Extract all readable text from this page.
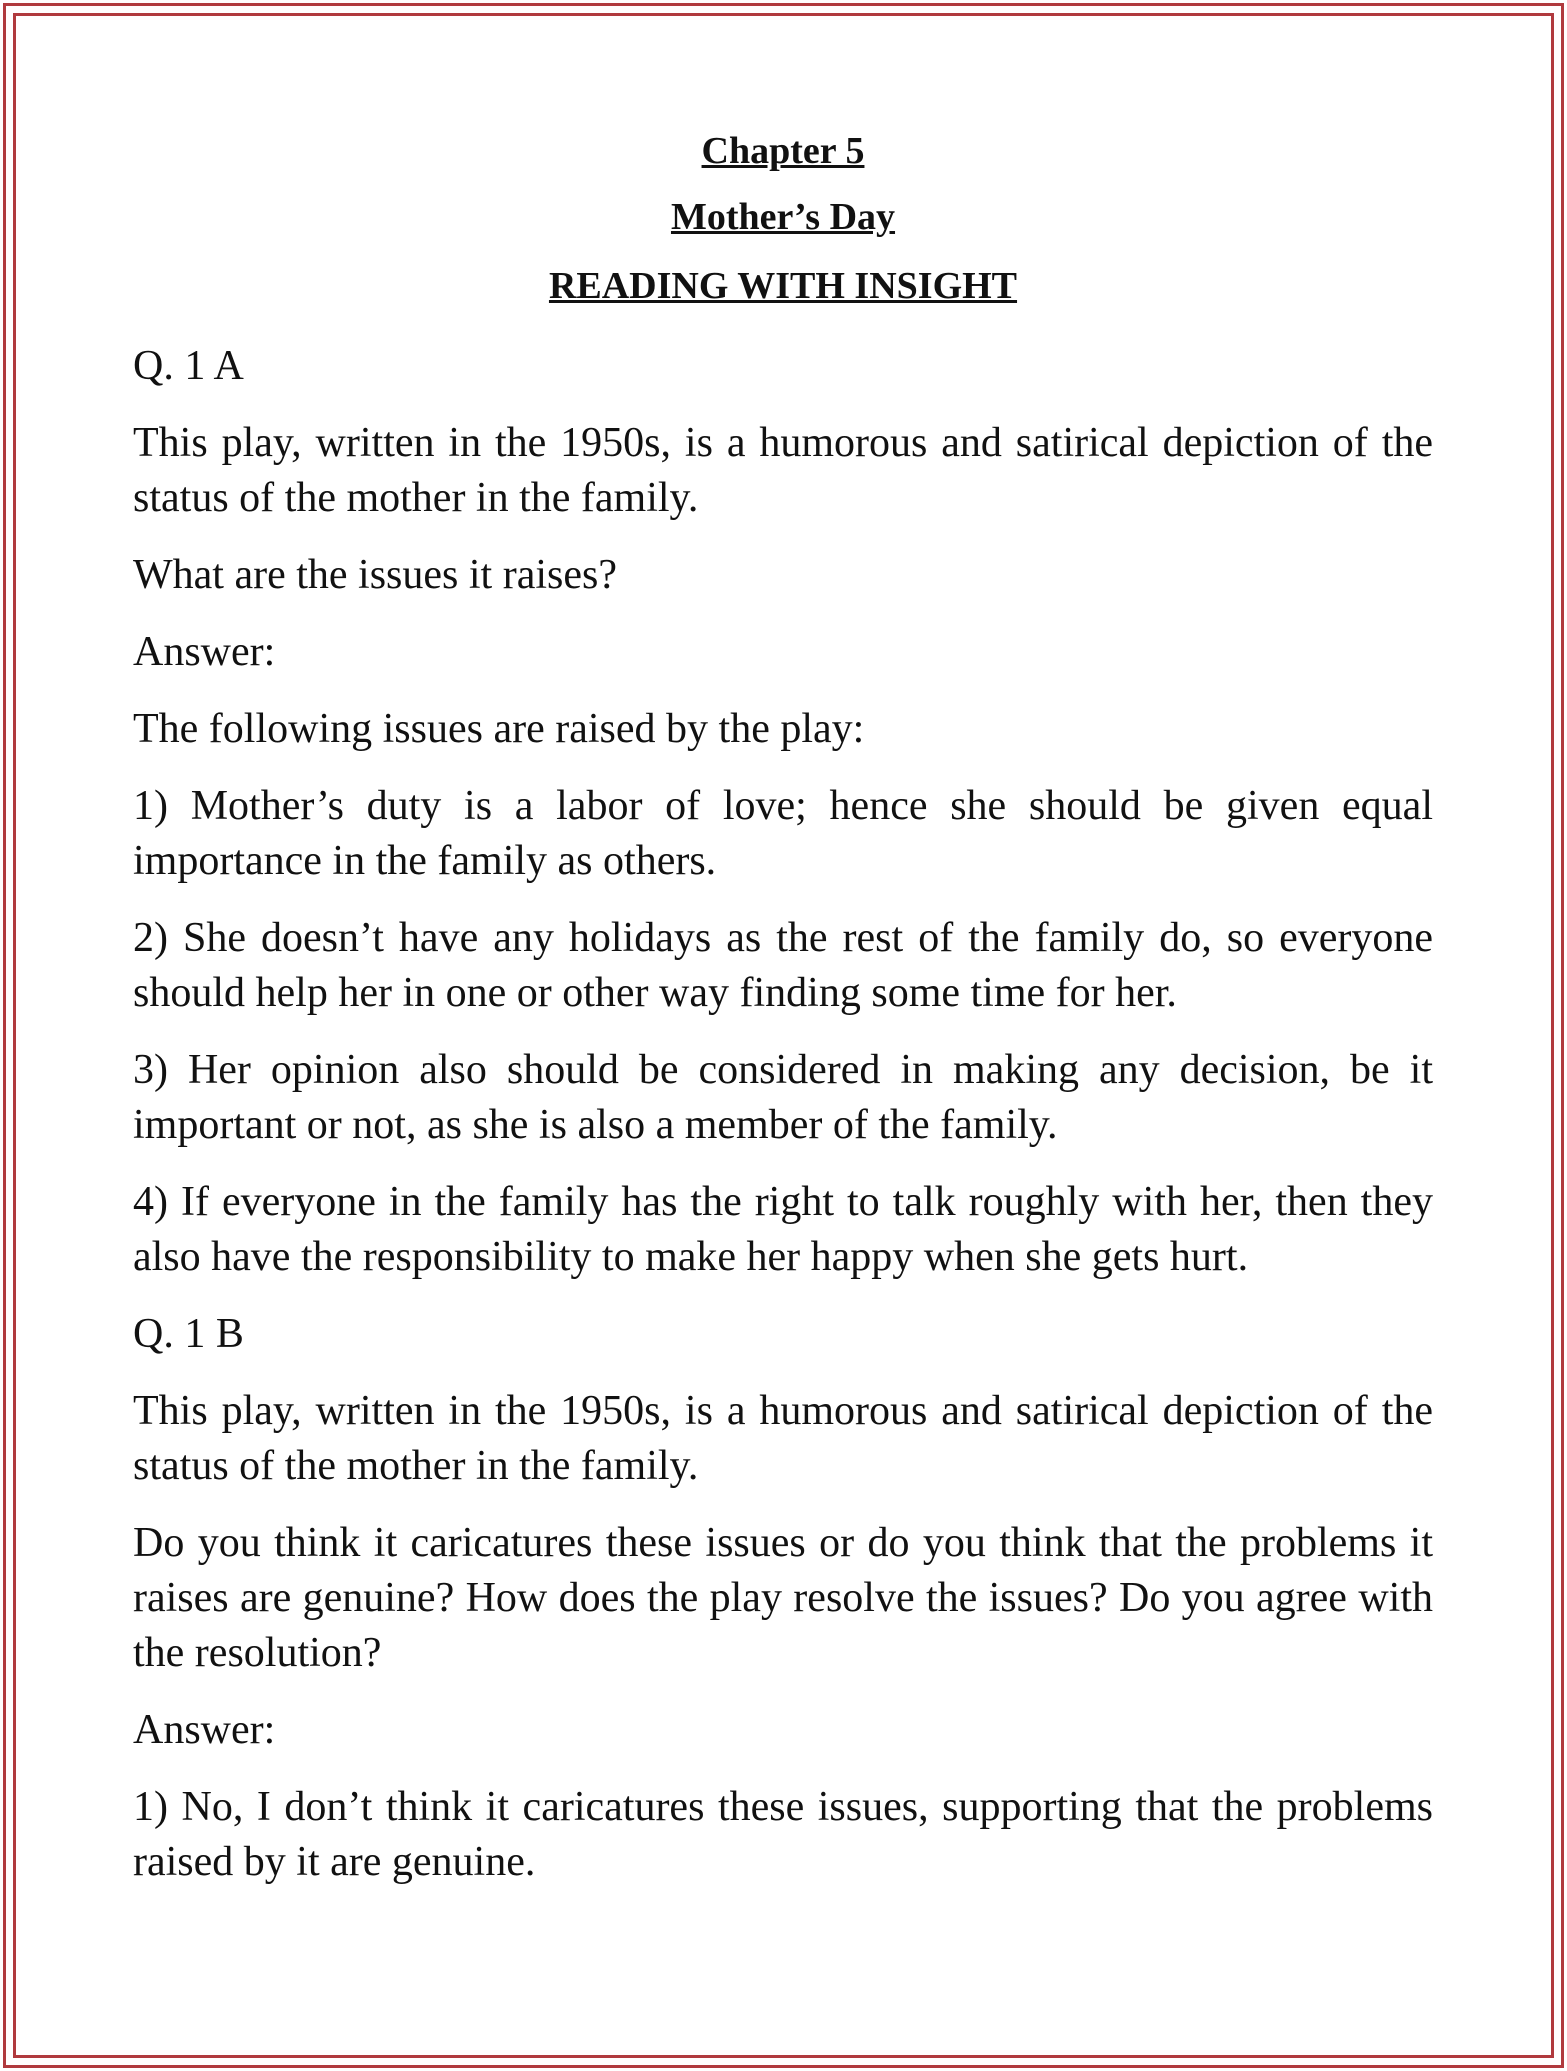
Chapter 5

Mother’s Day

READING WITH INSIGHT

Q. 1 A

This play, written in the 1950s, is a humorous and satirical depiction of the status of the mother in the family.

What are the issues it raises?

Answer:

The following issues are raised by the play:

1) Mother’s duty is a labor of love; hence she should be given equal importance in the family as others.

2) She doesn’t have any holidays as the rest of the family do, so everyone should help her in one or other way finding some time for her.

3) Her opinion also should be considered in making any decision, be it important or not, as she is also a member of the family.

4) If everyone in the family has the right to talk roughly with her, then they also have the responsibility to make her happy when she gets hurt.

Q. 1 B

This play, written in the 1950s, is a humorous and satirical depiction of the status of the mother in the family.

Do you think it caricatures these issues or do you think that the problems it raises are genuine? How does the play resolve the issues? Do you agree with the resolution?

Answer:

1) No, I don’t think it caricatures these issues, supporting that the problems raised by it are genuine.
